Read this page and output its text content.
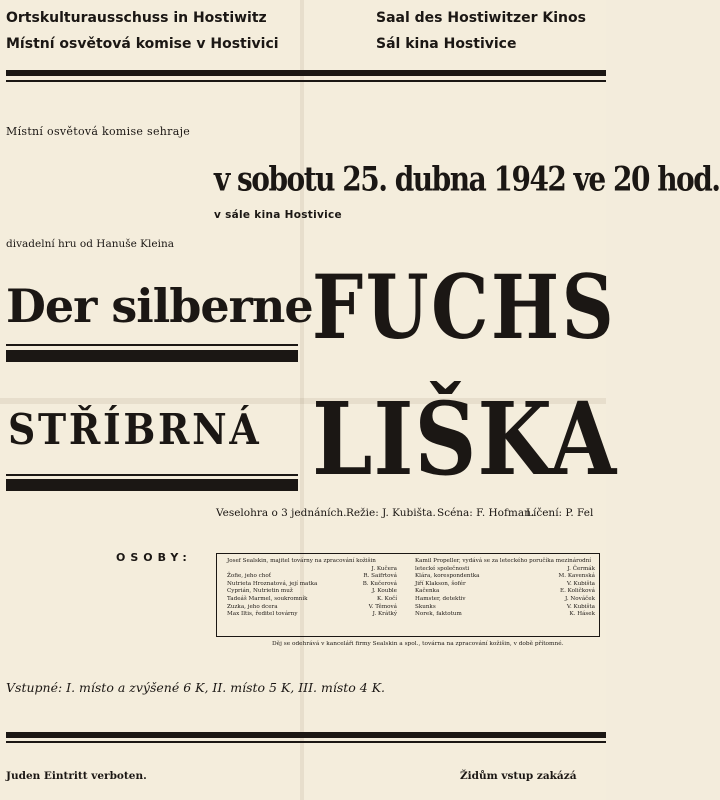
Ortskulturausschuss in Hostiwitz
Místní osvětová komise v Hostivici
Saal des Hostiwitzer Kinos
Sál kina Hostivice
Místní osvětová komise sehraje
v sobotu 25. dubna 1942 ve 20 hod.
v sále kina Hostivice
divadelní hru od Hanuše Kleina
Der silberne FUCHS
STŘÍBRNÁ LIŠKA
Veselohra o 3 jednáních. Režie: J. Kubišta. Scéna: F. Hofman.
Líčení: P. Fel
OSOBY:	Josef Sealskin, majitel továrny na zpracování kožišin
J. Kučera
Žofie, jeho choť	R. Saifrtová
Nutrieta Hroznatová, její matka	B. Kučerová
Cyprián, Nutrietin muž	J. Kouble
Tadeáš Marmel, soukromník	K. Kočí
Zuzka, jeho dcera	V. Těmová
Max Iltis, ředitel továrny	J. Krátký
Kamil Propeller, vydává se za leteckého poručíka mezinárodní
letecké společnosti	J. Čermák
Klára, korespondentka	M. Kavenská
Jiří Klakson, šofér	V. Kubišta
Kačenka	E. Količková
Hamster, detektiv	J. Nováček
Skunks	V. Kubišta
Norek, faktotum	K. Hásek
Děj se odehrává v kanceláři firmy Sealskin a spol., továrna na zpracování kožišin, v době přítomné.
Vstupné: I. místo a zvýšené 6 K, II. místo 5 K, III. místo 4 K.
Juden Eintritt verboten.	Židům vstup zakázá
